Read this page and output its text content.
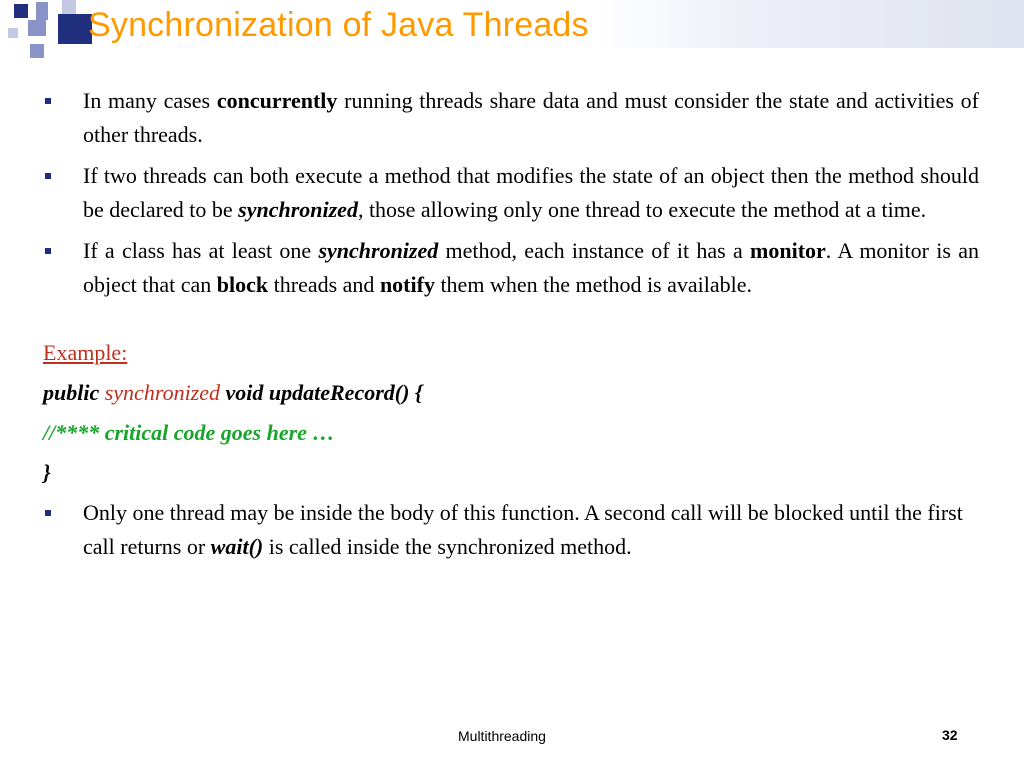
Synchronization of Java Threads
In many cases concurrently running threads share data and must consider the state and activities of other threads.
If two threads can both execute a method that modifies the state of an object then the method should be declared to be synchronized, those allowing only one thread to execute the method at a time.
If a class has at least one synchronized method, each instance of it has a monitor. A monitor is an object that can block threads and notify them when the method is available.

Example:

public synchronized void updateRecord() {

//**** critical code goes here …

}

Only one thread may be inside the body of this function. A second call will be blocked until the first call returns or wait() is called inside the synchronized method.
Multithreading	32
